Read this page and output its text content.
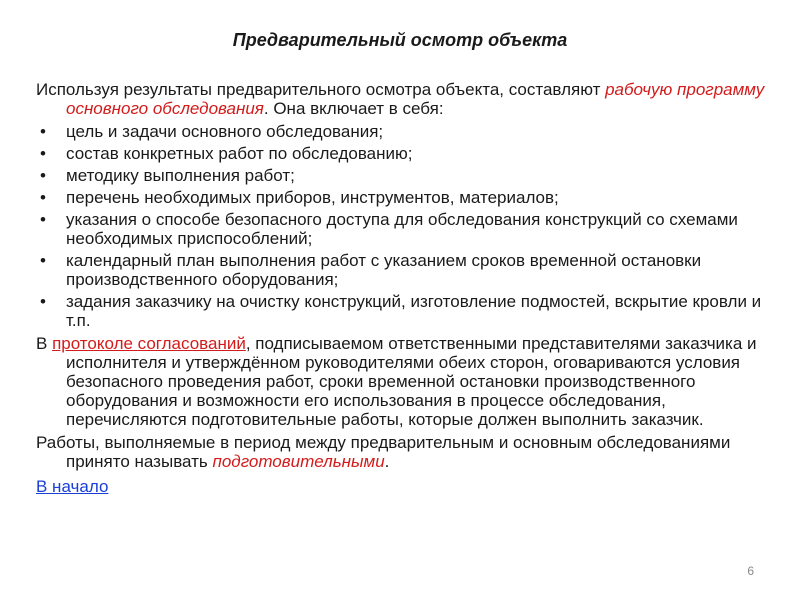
Предварительный осмотр объекта

Используя результаты предварительного осмотра объекта, составляют рабочую программу основного обследования. Она включает в себя:

• цель и задачи основного обследования;
• состав конкретных работ по обследованию;
• методику выполнения работ;
• перечень необходимых приборов, инструментов, материалов;
• указания о способе безопасного доступа для обследования конструкций со схемами необходимых приспособлений;
• календарный план выполнения работ с указанием сроков временной остановки производственного оборудования;
• задания заказчику на очистку конструкций, изготовление подмостей, вскрытие кровли и т.п.

В протоколе согласований, подписываемом ответственными представителями заказчика и исполнителя и утверждённом руководителями обеих сторон, оговариваются условия безопасного проведения работ, сроки временной остановки производственного оборудования и возможности его использования в процессе обследования, перечисляются подготовительные работы, которые должен выполнить заказчик.

Работы, выполняемые в период между предварительным и основным обследованиями принято называть подготовительными.

В начало
6
